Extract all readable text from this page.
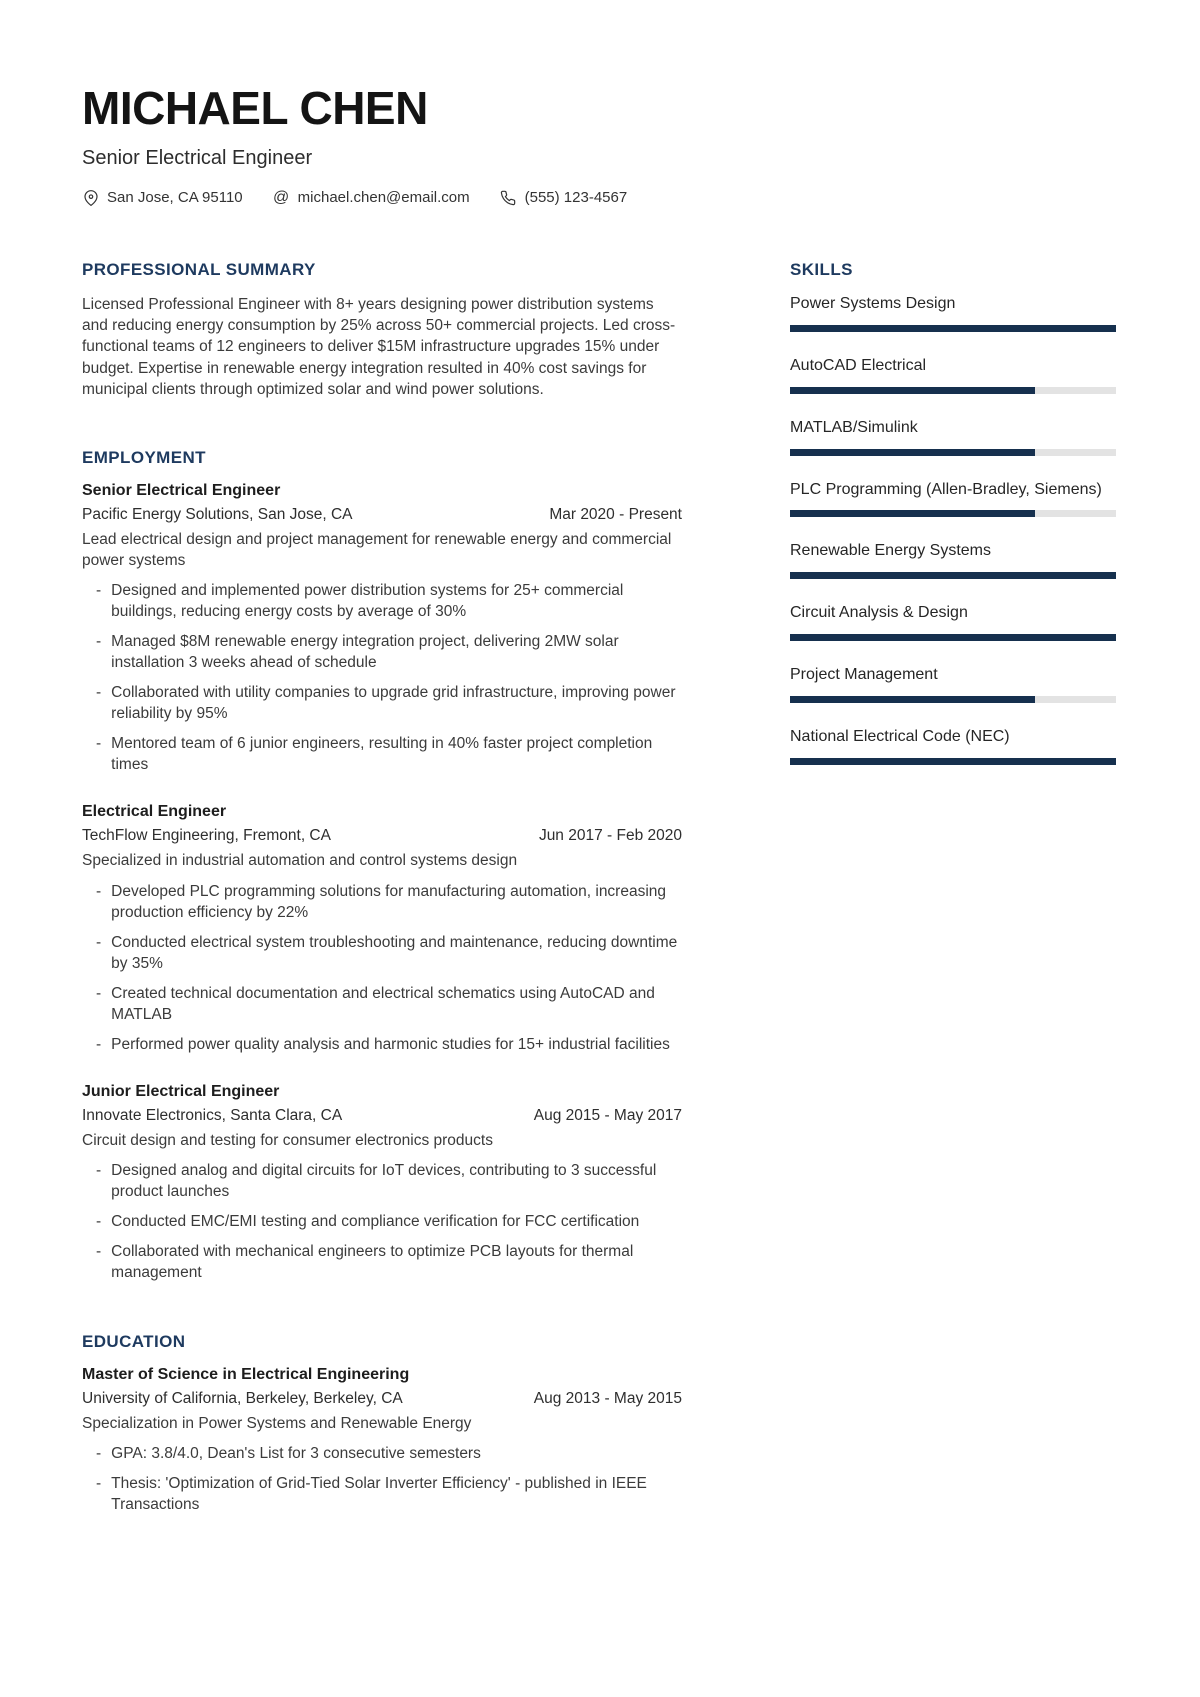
MICHAEL CHEN
Senior Electrical Engineer
San Jose, CA 95110 @ michael.chen@email.com	(555) 123-4567
PROFESSIONAL SUMMARY

Licensed Professional Engineer with 8+ years designing power distribution systems and reducing energy consumption by 25% across 50+ commercial projects. Led cross-functional teams of 12 engineers to deliver $15M infrastructure upgrades 15% under budget. Expertise in renewable energy integration resulted in 40% cost savings for municipal clients through optimized solar and wind power solutions.

EMPLOYMENT
Senior Electrical Engineer
Pacific Energy Solutions, San Jose, CA	Mar 2020 - Present

Lead electrical design and project management for renewable energy and commercial power systems

- Designed and implemented power distribution systems for 25+ commercial buildings, reducing energy costs by average of 30%
- Managed $8M renewable energy integration project, delivering 2MW solar installation 3 weeks ahead of schedule
- Collaborated with utility companies to upgrade grid infrastructure, improving power reliability by 95%
- Mentored team of 6 junior engineers, resulting in 40% faster project completion times
Electrical Engineer
TechFlow Engineering, Fremont, CA	Jun 2017 - Feb 2020

Specialized in industrial automation and control systems design

- Developed PLC programming solutions for manufacturing automation, increasing production efficiency by 22%
- Conducted electrical system troubleshooting and maintenance, reducing downtime by 35%
- Created technical documentation and electrical schematics using AutoCAD and MATLAB
- Performed power quality analysis and harmonic studies for 15+ industrial facilities
Junior Electrical Engineer
Innovate Electronics, Santa Clara, CA	Aug 2015 - May 2017

Circuit design and testing for consumer electronics products

- Designed analog and digital circuits for IoT devices, contributing to 3 successful product launches
- Conducted EMC/EMI testing and compliance verification for FCC certification
- Collaborated with mechanical engineers to optimize PCB layouts for thermal management
EDUCATION
Master of Science in Electrical Engineering
University of California, Berkeley, Berkeley, CA	Aug 2013 - May 2015

Specialization in Power Systems and Renewable Energy

- GPA: 3.8/4.0, Dean's List for 3 consecutive semesters
- Thesis: 'Optimization of Grid-Tied Solar Inverter Efficiency' - published in IEEE Transactions
SKILLS
Power Systems Design
AutoCAD Electrical
MATLAB/Simulink
PLC Programming (Allen-Bradley, Siemens)
Renewable Energy Systems
Circuit Analysis & Design
Project Management
National Electrical Code (NEC)
